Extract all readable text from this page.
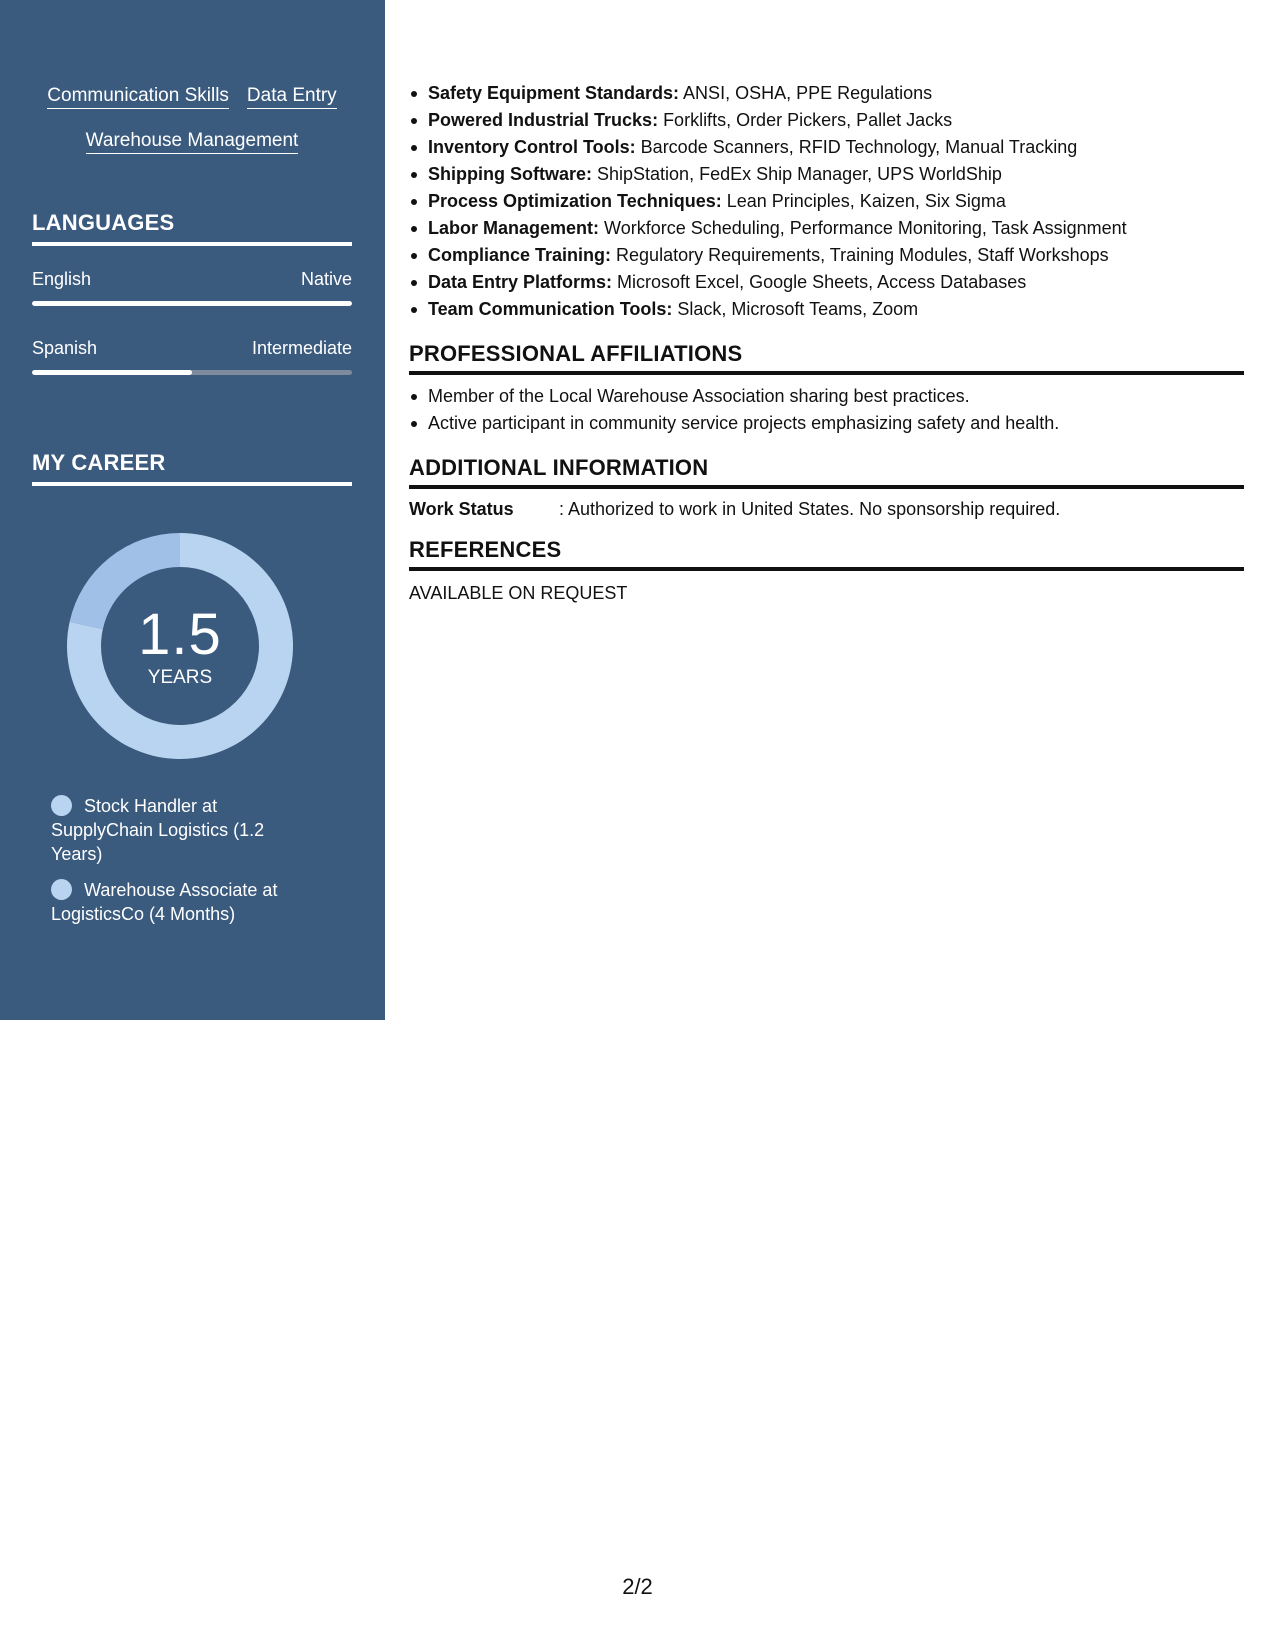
Communication Skills Data Entry
Warehouse Management
LANGUAGES
English	Native
Spanish	Intermediate
MY CAREER
1.5
YEARS
Stock Handler at SupplyChain Logistics (1.2 Years)
Warehouse Associate at LogisticsCo (4 Months)
Safety Equipment Standards: ANSI, OSHA, PPE Regulations
Powered Industrial Trucks: Forklifts, Order Pickers, Pallet Jacks
Inventory Control Tools: Barcode Scanners, RFID Technology, Manual Tracking
Shipping Software: ShipStation, FedEx Ship Manager, UPS WorldShip
Process Optimization Techniques: Lean Principles, Kaizen, Six Sigma
Labor Management: Workforce Scheduling, Performance Monitoring, Task Assignment
Compliance Training: Regulatory Requirements, Training Modules, Staff Workshops
Data Entry Platforms: Microsoft Excel, Google Sheets, Access Databases
Team Communication Tools: Slack, Microsoft Teams, Zoom
PROFESSIONAL AFFILIATIONS
Member of the Local Warehouse Association sharing best practices.
Active participant in community service projects emphasizing safety and health.
ADDITIONAL INFORMATION
Work Status	: Authorized to work in United States. No sponsorship required.
REFERENCES
AVAILABLE ON REQUEST
2/2
